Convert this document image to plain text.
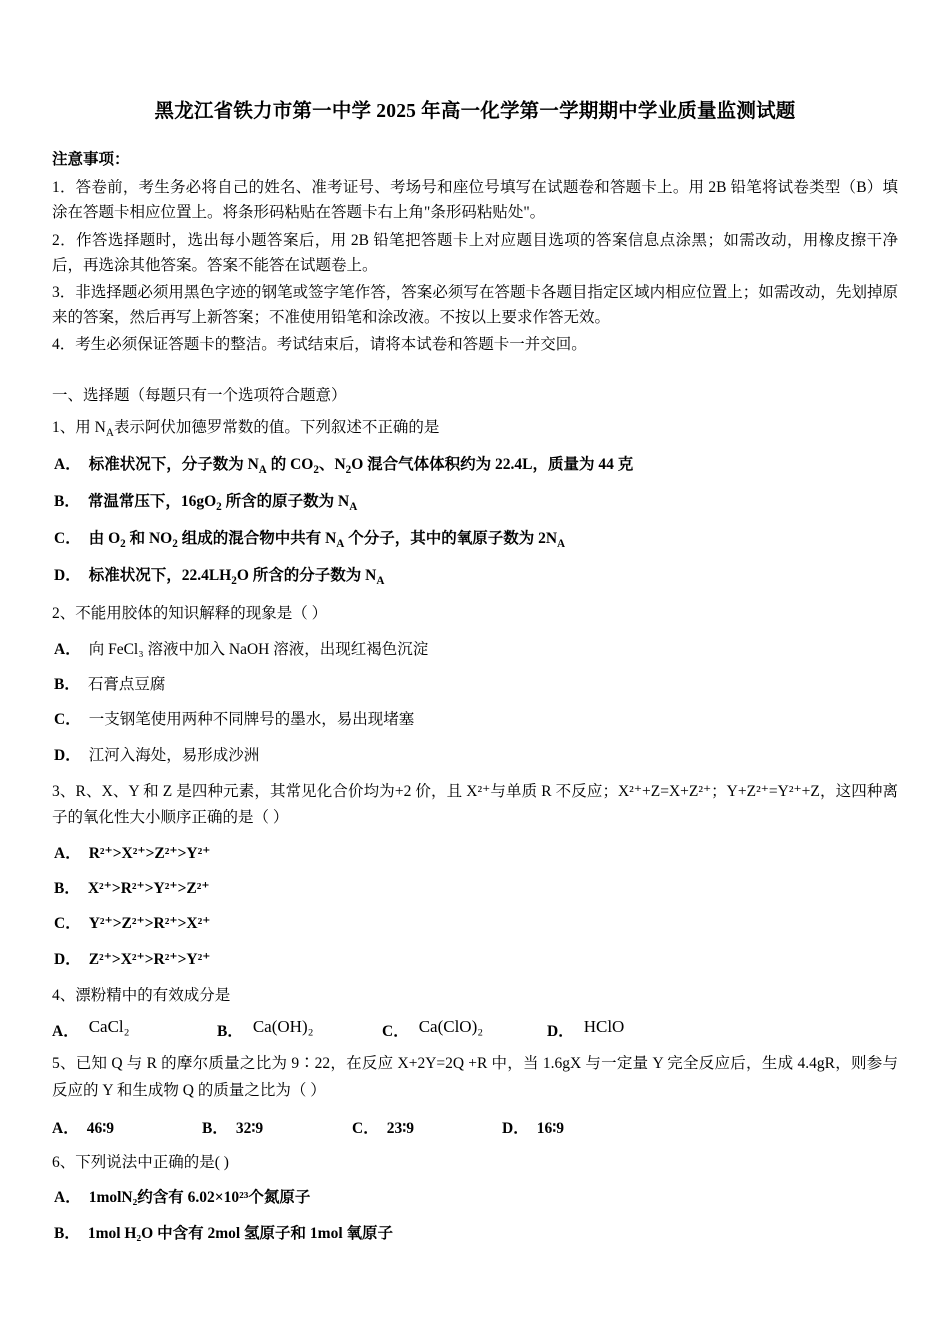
黑龙江省铁力市第一中学 2025 年高一化学第一学期期中学业质量监测试题
注意事项：

1．答卷前，考生务必将自己的姓名、准考证号、考场号和座位号填写在试题卷和答题卡上。用 2B 铅笔将试卷类型（B）填涂在答题卡相应位置上。将条形码粘贴在答题卡右上角"条形码粘贴处"。

2．作答选择题时，选出每小题答案后，用 2B 铅笔把答题卡上对应题目选项的答案信息点涂黑；如需改动，用橡皮擦干净后，再选涂其他答案。答案不能答在试题卷上。

3．非选择题必须用黑色字迹的钢笔或签字笔作答，答案必须写在答题卡各题目指定区域内相应位置上；如需改动，先划掉原来的答案，然后再写上新答案；不准使用铅笔和涂改液。不按以上要求作答无效。

4．考生必须保证答题卡的整洁。考试结束后，请将本试卷和答题卡一并交回。

一、选择题（每题只有一个选项符合题意）

1、用 $N_A$表示阿伏加德罗常数的值。下列叙述不正确的是

A． 标准状况下，分子数为 $N_A$ 的 $CO_2$、$N_2O$ 混合气体体积约为 22.4L，质量为 44 克

B． 常温常压下，$16gO_2$ 所含的原子数为 $N_A$

C． 由 $O_2$ 和 $NO_2$ 组成的混合物中共有 $N_A$ 个分子，其中的氧原子数为 $2N_A$

D． 标准状况下，$22.4LH_2O$ 所含的分子数为 $N_A$

2、不能用胶体的知识解释的现象是（ ）

A． 向 FeCl₃ 溶液中加入 NaOH 溶液，出现红褐色沉淀

B． 石膏点豆腐

C． 一支钢笔使用两种不同牌号的墨水，易出现堵塞

D． 江河入海处，易形成沙洲

3、R、X、Y 和 Z 是四种元素，其常见化合价均为+2 价，且 X²⁺与单质 R 不反应；X²⁺+Z=X+Z²⁺；Y+Z²⁺=Y²⁺+Z，这四种离子的氧化性大小顺序正确的是（ ）

A． R²⁺>X²⁺>Z²⁺>Y²⁺

B． X²⁺>R²⁺>Y²⁺>Z²⁺

C． Y²⁺>Z²⁺>R²⁺>X²⁺

D． Z²⁺>X²⁺>R²⁺>Y²⁺

4、漂粉精中的有效成分是

A． CaCl₂	B． Ca(OH)₂	C． Ca(ClO)₂	D． HClO

5、已知 Q 与 R 的摩尔质量之比为 9∶22，在反应 X+2Y=2Q +R 中，当 1.6gX 与一定量 Y 完全反应后，生成 4.4gR，则参与反应的 Y 和生成物 Q 的质量之比为（ ）

A． 46∶9	B． 32∶9	C． 23∶9	D． 16∶9

6、下列说法中正确的是( )

A． 1molN₂约含有 6.02×10²³个氮原子

B． 1mol H₂O 中含有 2mol 氢原子和 1mol 氧原子
